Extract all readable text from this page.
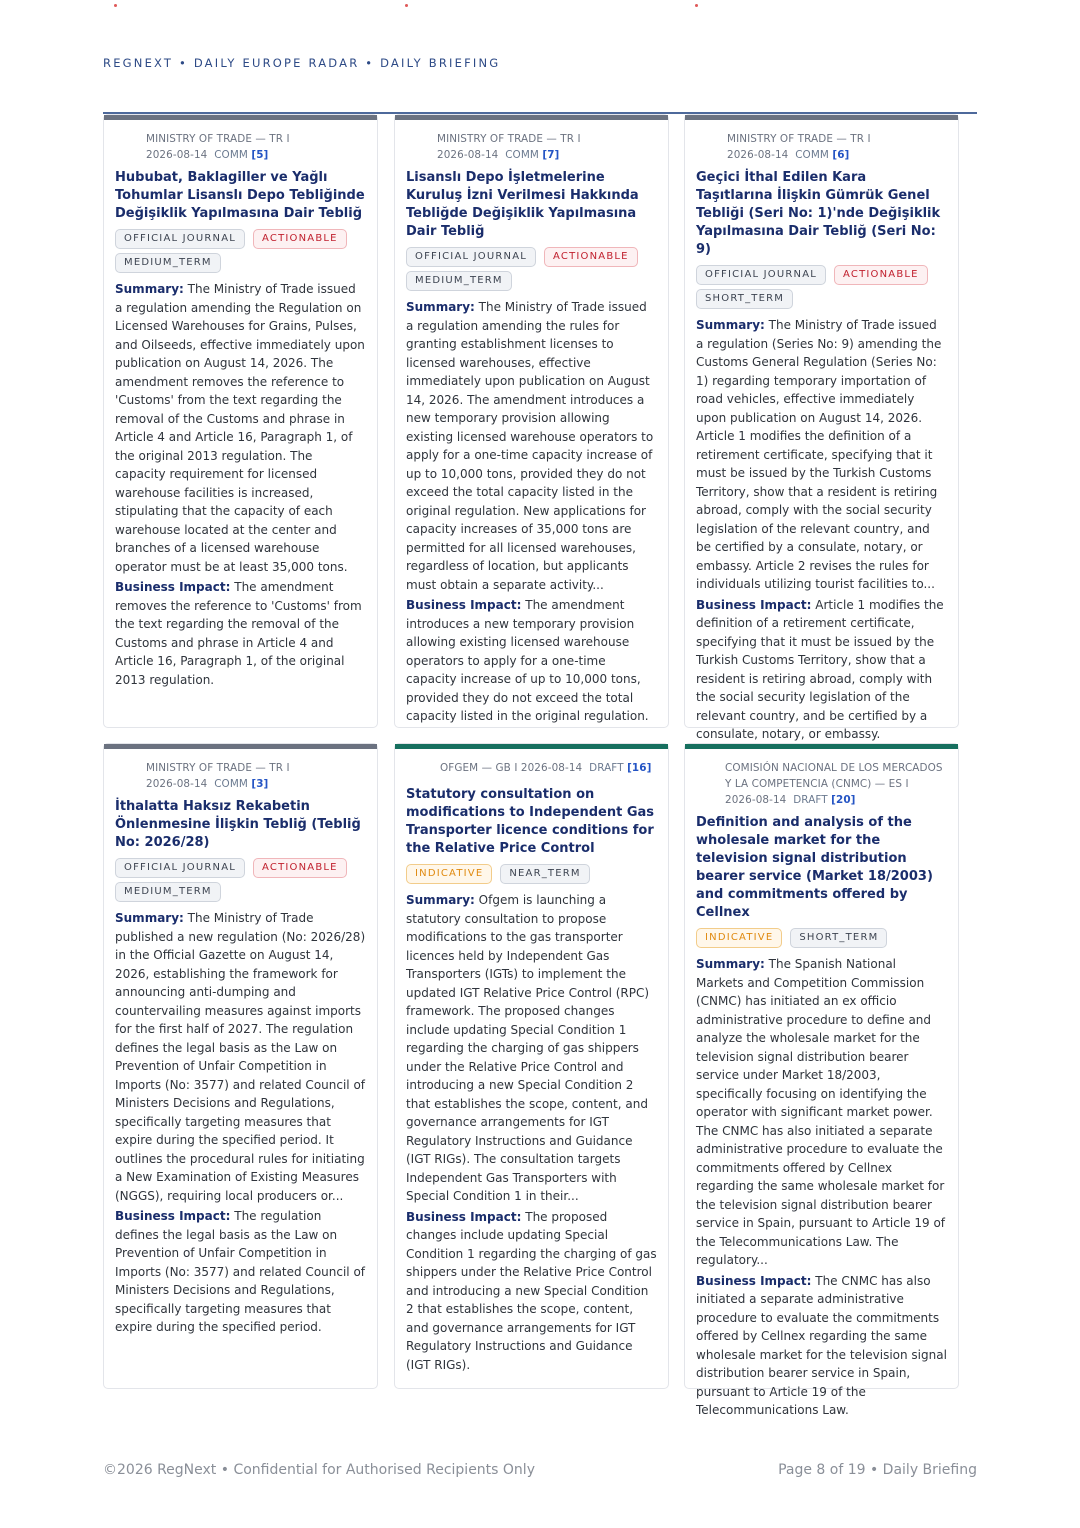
REGNEXT • DAILY EUROPE RADAR • DAILY BRIEFING
MINISTRY OF TRADE — TR I
2026-08-14 COMM [5]
Hububat, Baklagiller ve Yağlı Tohumlar Lisanslı Depo Tebliğinde Değişiklik Yapılmasına Dair Tebliğ
OFFICIAL JOURNAL	ACTIONABLE
MEDIUM_TERM
Summary: The Ministry of Trade issued a regulation amending the Regulation on Licensed Warehouses for Grains, Pulses, and Oilseeds, effective immediately upon publication on August 14, 2026. The amendment removes the reference to 'Customs' from the text regarding the removal of the Customs and phrase in Article 4 and Article 16, Paragraph 1, of the original 2013 regulation. The capacity requirement for licensed warehouse facilities is increased, stipulating that the capacity of each warehouse located at the center and branches of a licensed warehouse operator must be at least 35,000 tons.
Business Impact: The amendment removes the reference to 'Customs' from the text regarding the removal of the Customs and phrase in Article 4 and Article 16, Paragraph 1, of the original 2013 regulation.
MINISTRY OF TRADE — TR I
2026-08-14 COMM [7]
Lisanslı Depo İşletmelerine Kuruluş İzni Verilmesi Hakkında Tebliğde Değişiklik Yapılmasına Dair Tebliğ
OFFICIAL JOURNAL	ACTIONABLE
MEDIUM_TERM
Summary: The Ministry of Trade issued a regulation amending the rules for granting establishment licenses to licensed warehouses, effective immediately upon publication on August 14, 2026. The amendment introduces a new temporary provision allowing existing licensed warehouse operators to apply for a one-time capacity increase of up to 10,000 tons, provided they do not exceed the total capacity listed in the original regulation. New applications for capacity increases of 35,000 tons are permitted for all licensed warehouses, regardless of location, but applicants must obtain a separate activity...
Business Impact: The amendment introduces a new temporary provision allowing existing licensed warehouse operators to apply for a one-time capacity increase of up to 10,000 tons, provided they do not exceed the total capacity listed in the original regulation.
MINISTRY OF TRADE — TR I
2026-08-14 COMM [6]
Geçici İthal Edilen Kara Taşıtlarına İlişkin Gümrük Genel Tebliği (Seri No: 1)'nde Değişiklik Yapılmasına Dair Tebliğ (Seri No: 9)
OFFICIAL JOURNAL	ACTIONABLE
SHORT_TERM
Summary: The Ministry of Trade issued a regulation (Series No: 9) amending the Customs General Regulation (Series No: 1) regarding temporary importation of road vehicles, effective immediately upon publication on August 14, 2026. Article 1 modifies the definition of a retirement certificate, specifying that it must be issued by the Turkish Customs Territory, show that a resident is retiring abroad, comply with the social security legislation of the relevant country, and be certified by a consulate, notary, or embassy. Article 2 revises the rules for individuals utilizing tourist facilities to...
Business Impact: Article 1 modifies the definition of a retirement certificate, specifying that it must be issued by the Turkish Customs Territory, show that a resident is retiring abroad, comply with the social security legislation of the relevant country, and be certified by a consulate, notary, or embassy.
MINISTRY OF TRADE — TR I
2026-08-14 COMM [3]
İthalatta Haksız Rekabetin Önlenmesine İlişkin Tebliğ (Tebliğ No: 2026/28)
OFFICIAL JOURNAL	ACTIONABLE
MEDIUM_TERM
Summary: The Ministry of Trade published a new regulation (No: 2026/28) in the Official Gazette on August 14, 2026, establishing the framework for announcing anti-dumping and countervailing measures against imports for the first half of 2027. The regulation defines the legal basis as the Law on Prevention of Unfair Competition in Imports (No: 3577) and related Council of Ministers Decisions and Regulations, specifically targeting measures that expire during the specified period. It outlines the procedural rules for initiating a New Examination of Existing Measures (NGGS), requiring local producers or...
Business Impact: The regulation defines the legal basis as the Law on Prevention of Unfair Competition in Imports (No: 3577) and related Council of Ministers Decisions and Regulations, specifically targeting measures that expire during the specified period.
OFGEM — GB I 2026-08-14 DRAFT [16]
Statutory consultation on modifications to Independent Gas Transporter licence conditions for the Relative Price Control
INDICATIVE	NEAR_TERM
Summary: Ofgem is launching a statutory consultation to propose modifications to the gas transporter licences held by Independent Gas Transporters (IGTs) to implement the updated IGT Relative Price Control (RPC) framework. The proposed changes include updating Special Condition 1 regarding the charging of gas shippers under the Relative Price Control and introducing a new Special Condition 2 that establishes the scope, content, and governance arrangements for IGT Regulatory Instructions and Guidance (IGT RIGs). The consultation targets Independent Gas Transporters with Special Condition 1 in their...
Business Impact: The proposed changes include updating Special Condition 1 regarding the charging of gas shippers under the Relative Price Control and introducing a new Special Condition 2 that establishes the scope, content, and governance arrangements for IGT Regulatory Instructions and Guidance (IGT RIGs).
COMISIÓN NACIONAL DE LOS MERCADOS Y LA COMPETENCIA (CNMC) — ES I
2026-08-14 DRAFT [20]
Definition and analysis of the wholesale market for the television signal distribution bearer service (Market 18/2003) and commitments offered by Cellnex
INDICATIVE	SHORT_TERM
Summary: The Spanish National Markets and Competition Commission (CNMC) has initiated an ex officio administrative procedure to define and analyze the wholesale market for the television signal distribution bearer service under Market 18/2003, specifically focusing on identifying the operator with significant market power. The CNMC has also initiated a separate administrative procedure to evaluate the commitments offered by Cellnex regarding the same wholesale market for the television signal distribution bearer service in Spain, pursuant to Article 19 of the Telecommunications Law. The regulatory...
Business Impact: The CNMC has also initiated a separate administrative procedure to evaluate the commitments offered by Cellnex regarding the same wholesale market for the television signal distribution bearer service in Spain, pursuant to Article 19 of the Telecommunications Law.
©2026 RegNext • Confidential for Authorised Recipients Only	Page 8 of 19 • Daily Briefing
